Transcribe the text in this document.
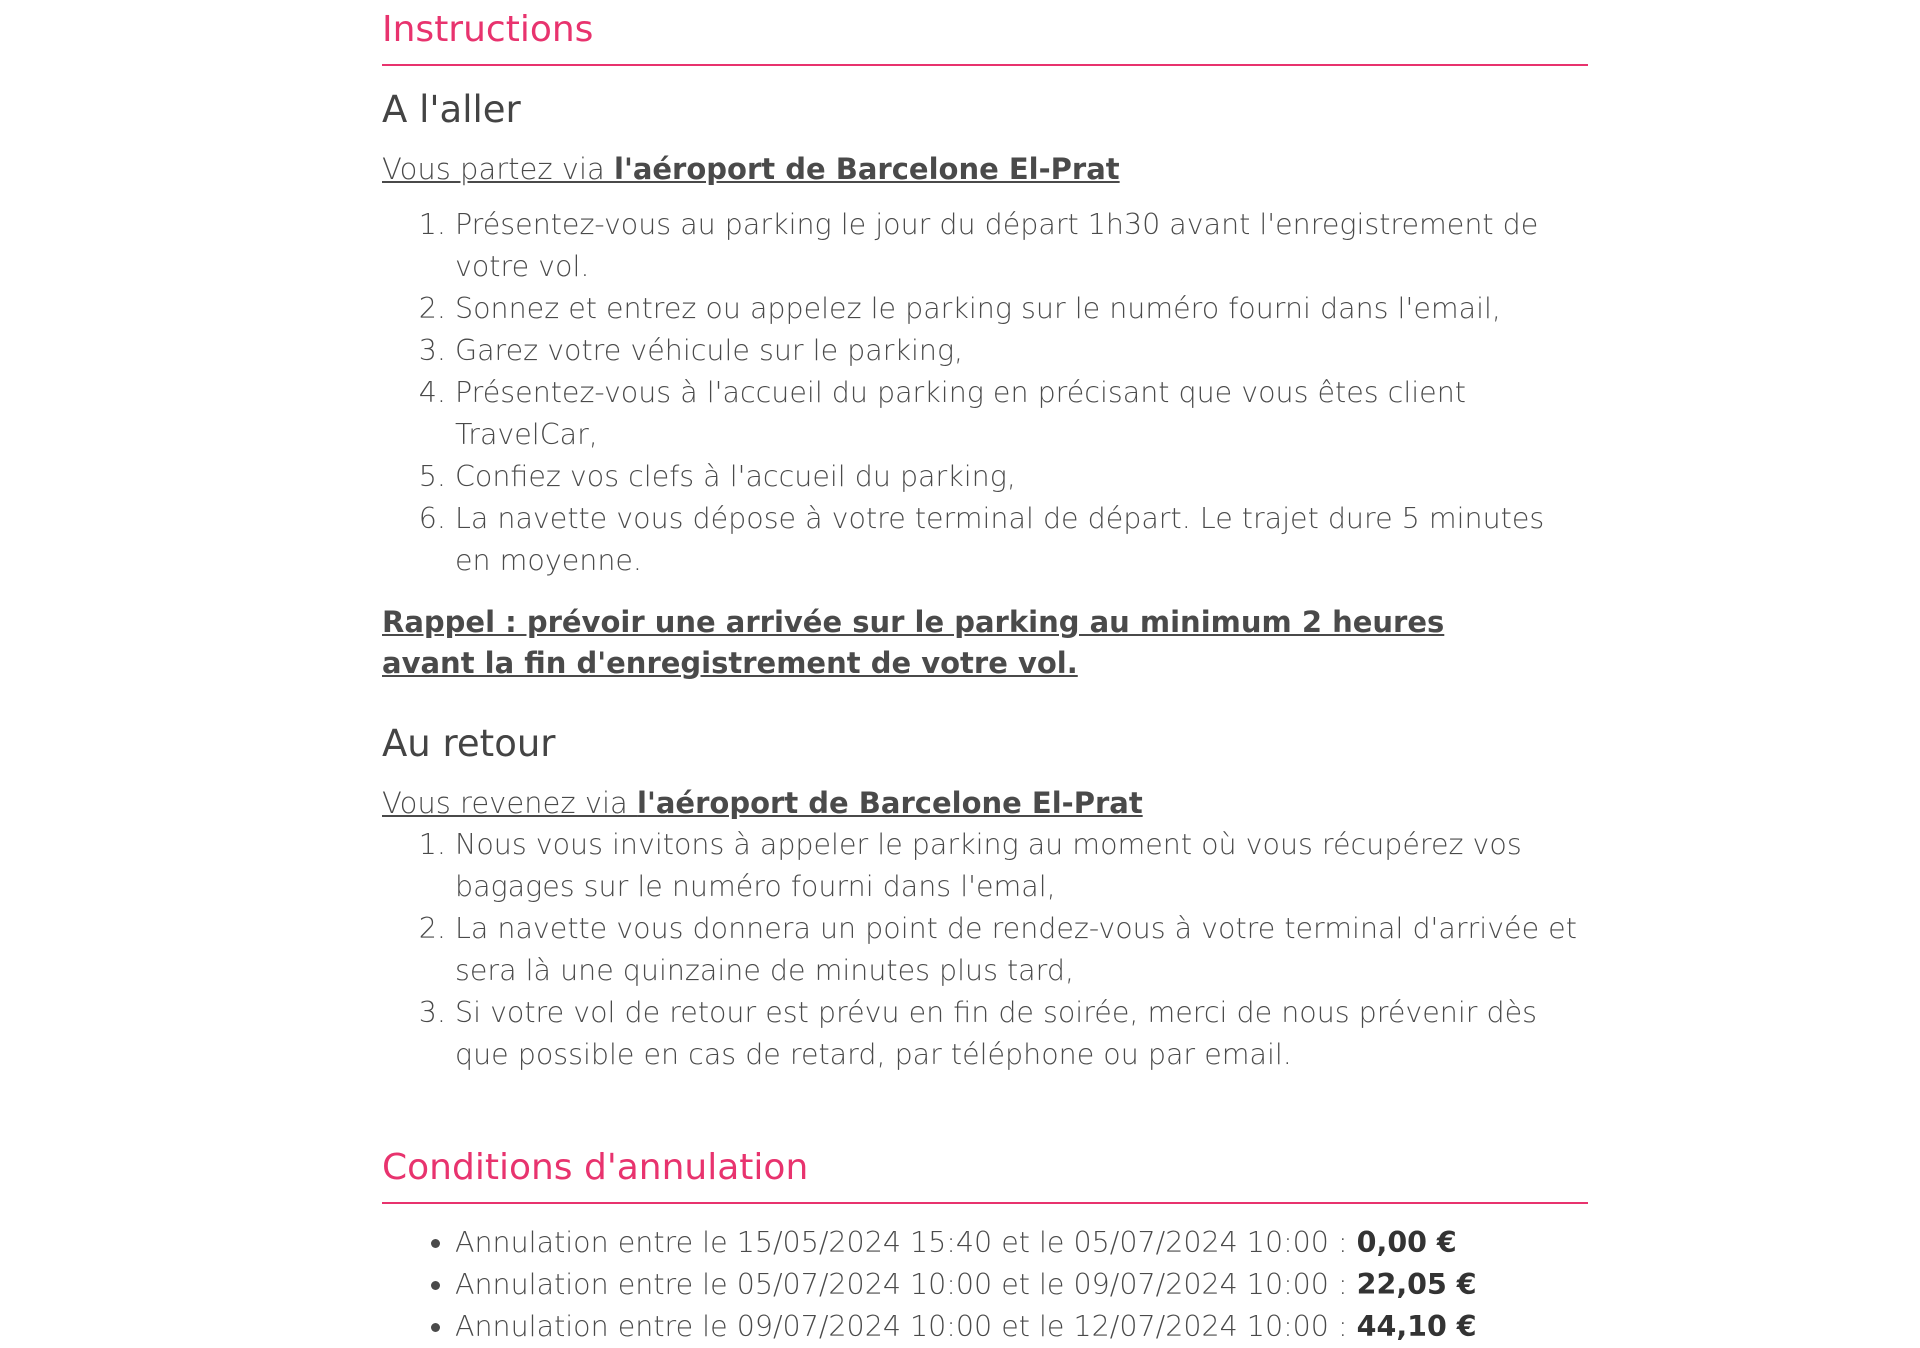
Instructions
A l'aller

Vous partez via l'aéroport de Barcelone El-Prat

1. Présentez-vous au parking le jour du départ 1h30 avant l'enregistrement de votre vol.
2. Sonnez et entrez ou appelez le parking sur le numéro fourni dans l'email,
3. Garez votre véhicule sur le parking,
4. Présentez-vous à l'accueil du parking en précisant que vous êtes client TravelCar,
5. Confiez vos clefs à l'accueil du parking,
6. La navette vous dépose à votre terminal de départ. Le trajet dure 5 minutes en moyenne.

Rappel : prévoir une arrivée sur le parking au minimum 2 heures avant la fin d'enregistrement de votre vol.

Au retour

Vous revenez via l'aéroport de Barcelone El-Prat

1. Nous vous invitons à appeler le parking au moment où vous récupérez vos bagages sur le numéro fourni dans l'emal,
2. La navette vous donnera un point de rendez-vous à votre terminal d'arrivée et sera là une quinzaine de minutes plus tard,
3. Si votre vol de retour est prévu en fin de soirée, merci de nous prévenir dès que possible en cas de retard, par téléphone ou par email.
Conditions d'annulation
• Annulation entre le 15/05/2024 15:40 et le 05/07/2024 10:00 : 0,00 €
• Annulation entre le 05/07/2024 10:00 et le 09/07/2024 10:00 : 22,05 €
• Annulation entre le 09/07/2024 10:00 et le 12/07/2024 10:00 : 44,10 €
